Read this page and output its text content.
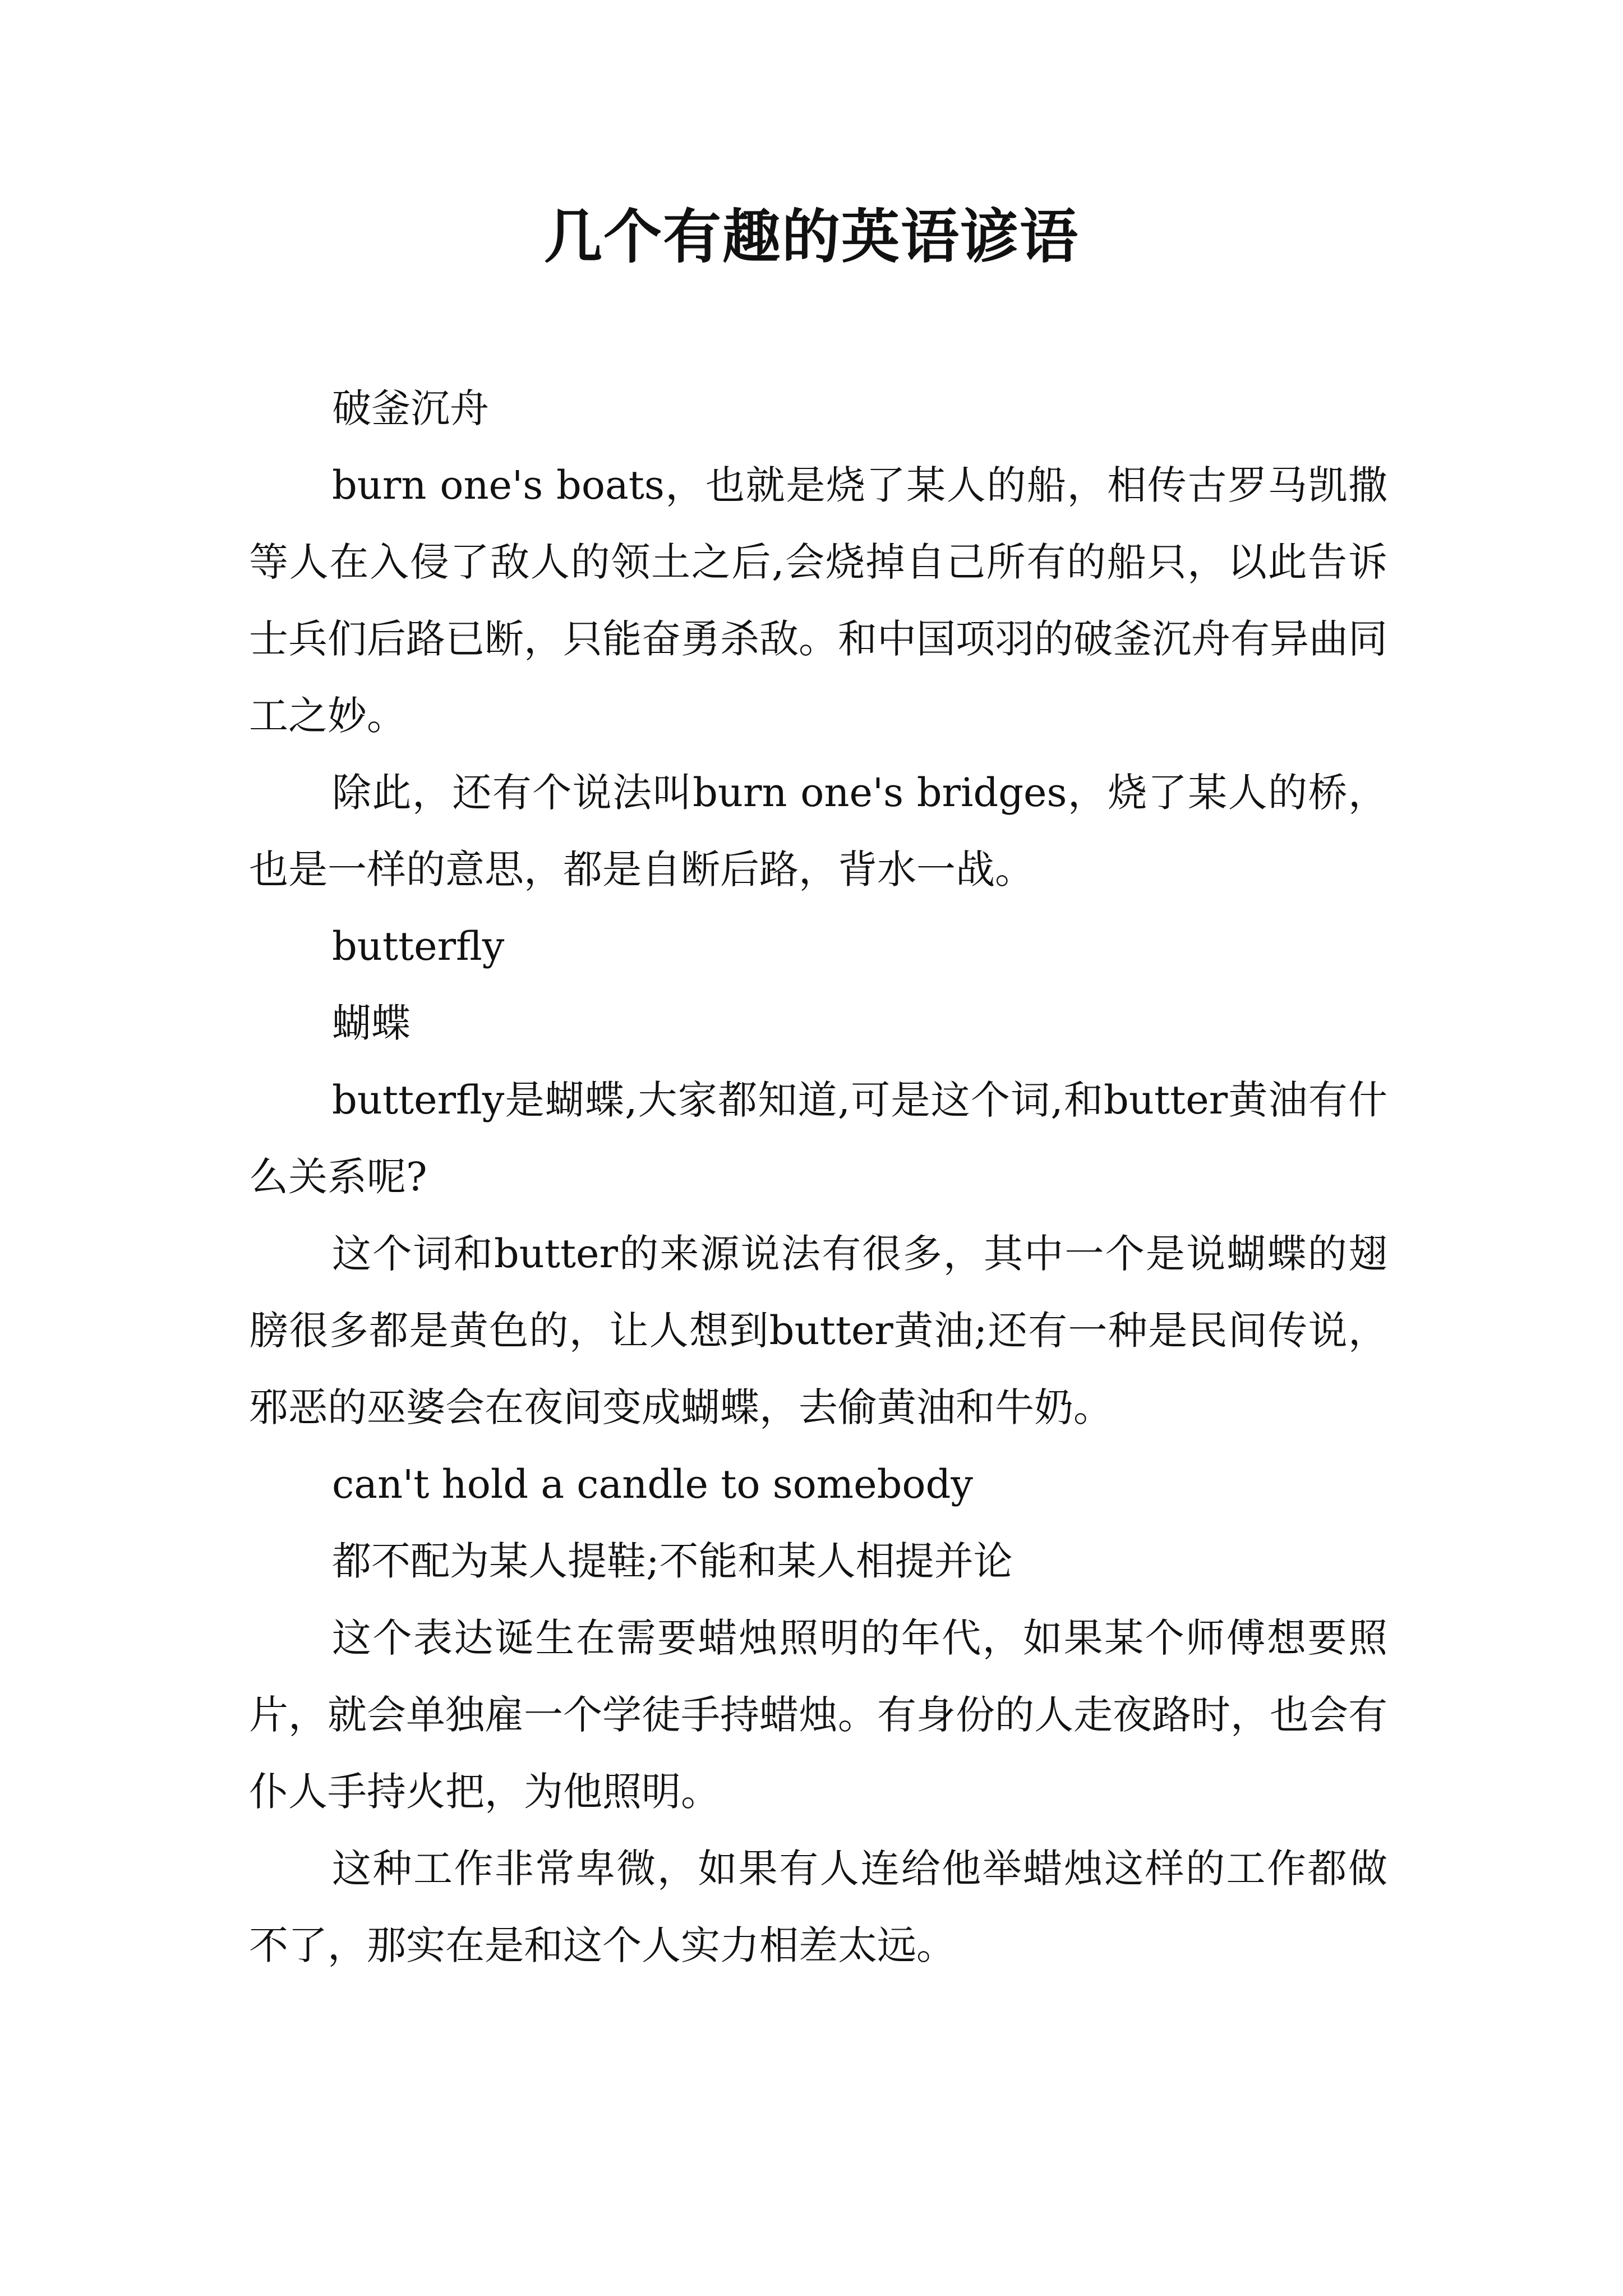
几个有趣的英语谚语

破釜沉舟

burn one's boats，也就是烧了某人的船，相传古罗马凯撒等人在入侵了敌人的领土之后,会烧掉自己所有的船只，以此告诉士兵们后路已断，只能奋勇杀敌。和中国项羽的破釜沉舟有异曲同工之妙。

除此，还有个说法叫burn one's bridges，烧了某人的桥，也是一样的意思，都是自断后路，背水一战。

butterfly

蝴蝶

butterfly是蝴蝶,大家都知道,可是这个词,和butter黄油有什么关系呢?

这个词和butter的来源说法有很多，其中一个是说蝴蝶的翅膀很多都是黄色的，让人想到butter黄油;还有一种是民间传说，邪恶的巫婆会在夜间变成蝴蝶，去偷黄油和牛奶。

can't hold a candle to somebody

都不配为某人提鞋;不能和某人相提并论

这个表达诞生在需要蜡烛照明的年代，如果某个师傅想要照片，就会单独雇一个学徒手持蜡烛。有身份的人走夜路时，也会有仆人手持火把，为他照明。

这种工作非常卑微，如果有人连给他举蜡烛这样的工作都做不了，那实在是和这个人实力相差太远。
